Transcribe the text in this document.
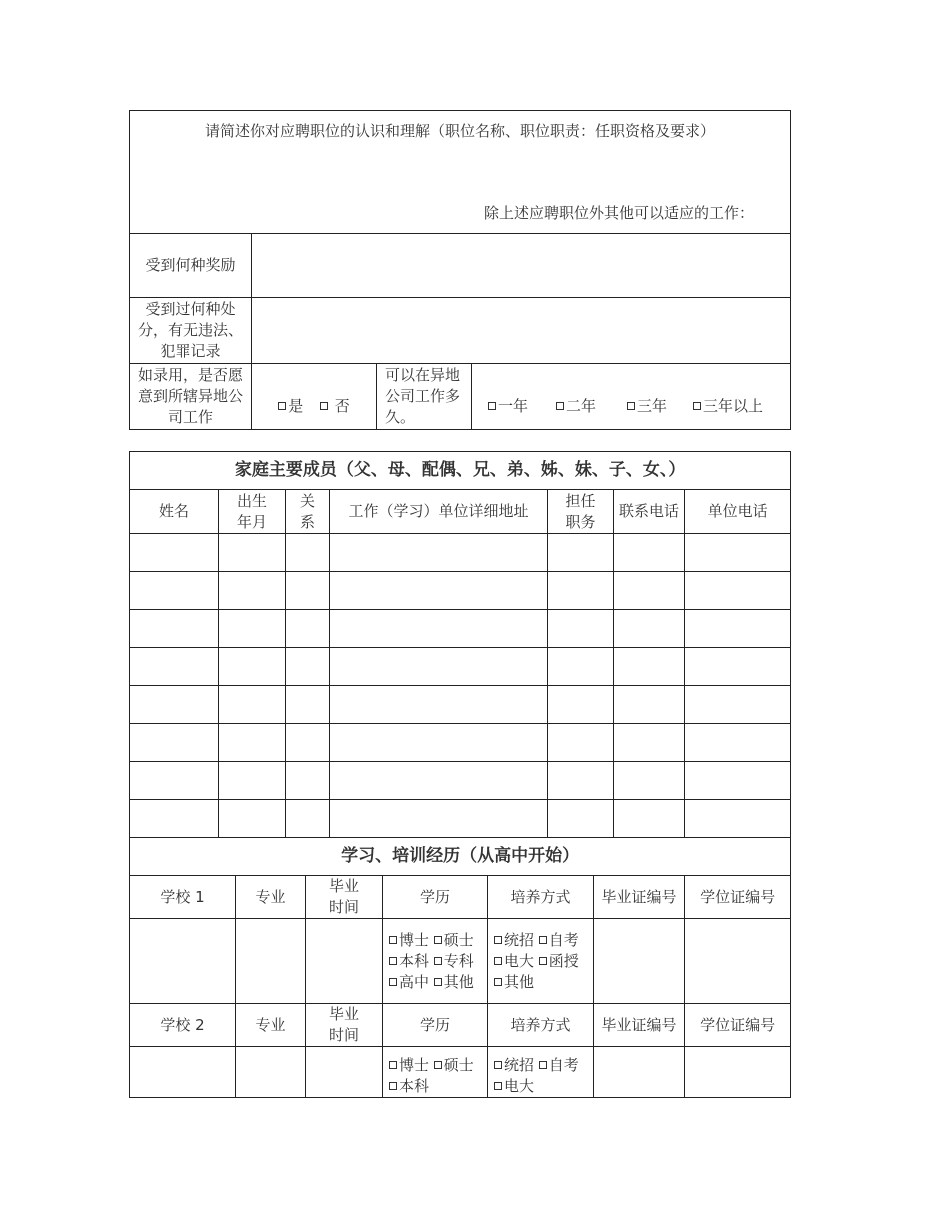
请简述你对应聘职位的认识和理解（职位名称、职位职责：任职资格及要求）
除上述应聘职位外其他可以适应的工作：			

受到何种奖励			
受到过何种处分，有无违法、犯罪记录			
如录用，是否愿意到所辖异地公司工作	是 否	可以在异地公司工作多久。	一年 二年 三年 三年以上
家庭主要成员（父、母、配偶、兄、弟、姊、妹、子、女、）											
姓名	出生年月		关系		工作（学习）单位详细地址			担任职务		联系电话	单位电话

学习、培训经历（从高中开始）											
学校 1		专业		毕业时间		学历	培养方式		毕业证编号		学位证编号
						博士 硕士 本科 专科 高中 其他	统招 自考 电大 函授 其他				
学校 2		专业		毕业时间		学历	培养方式		毕业证编号		学位证编号
						博士 硕士 本科	统招 自考 电大				
